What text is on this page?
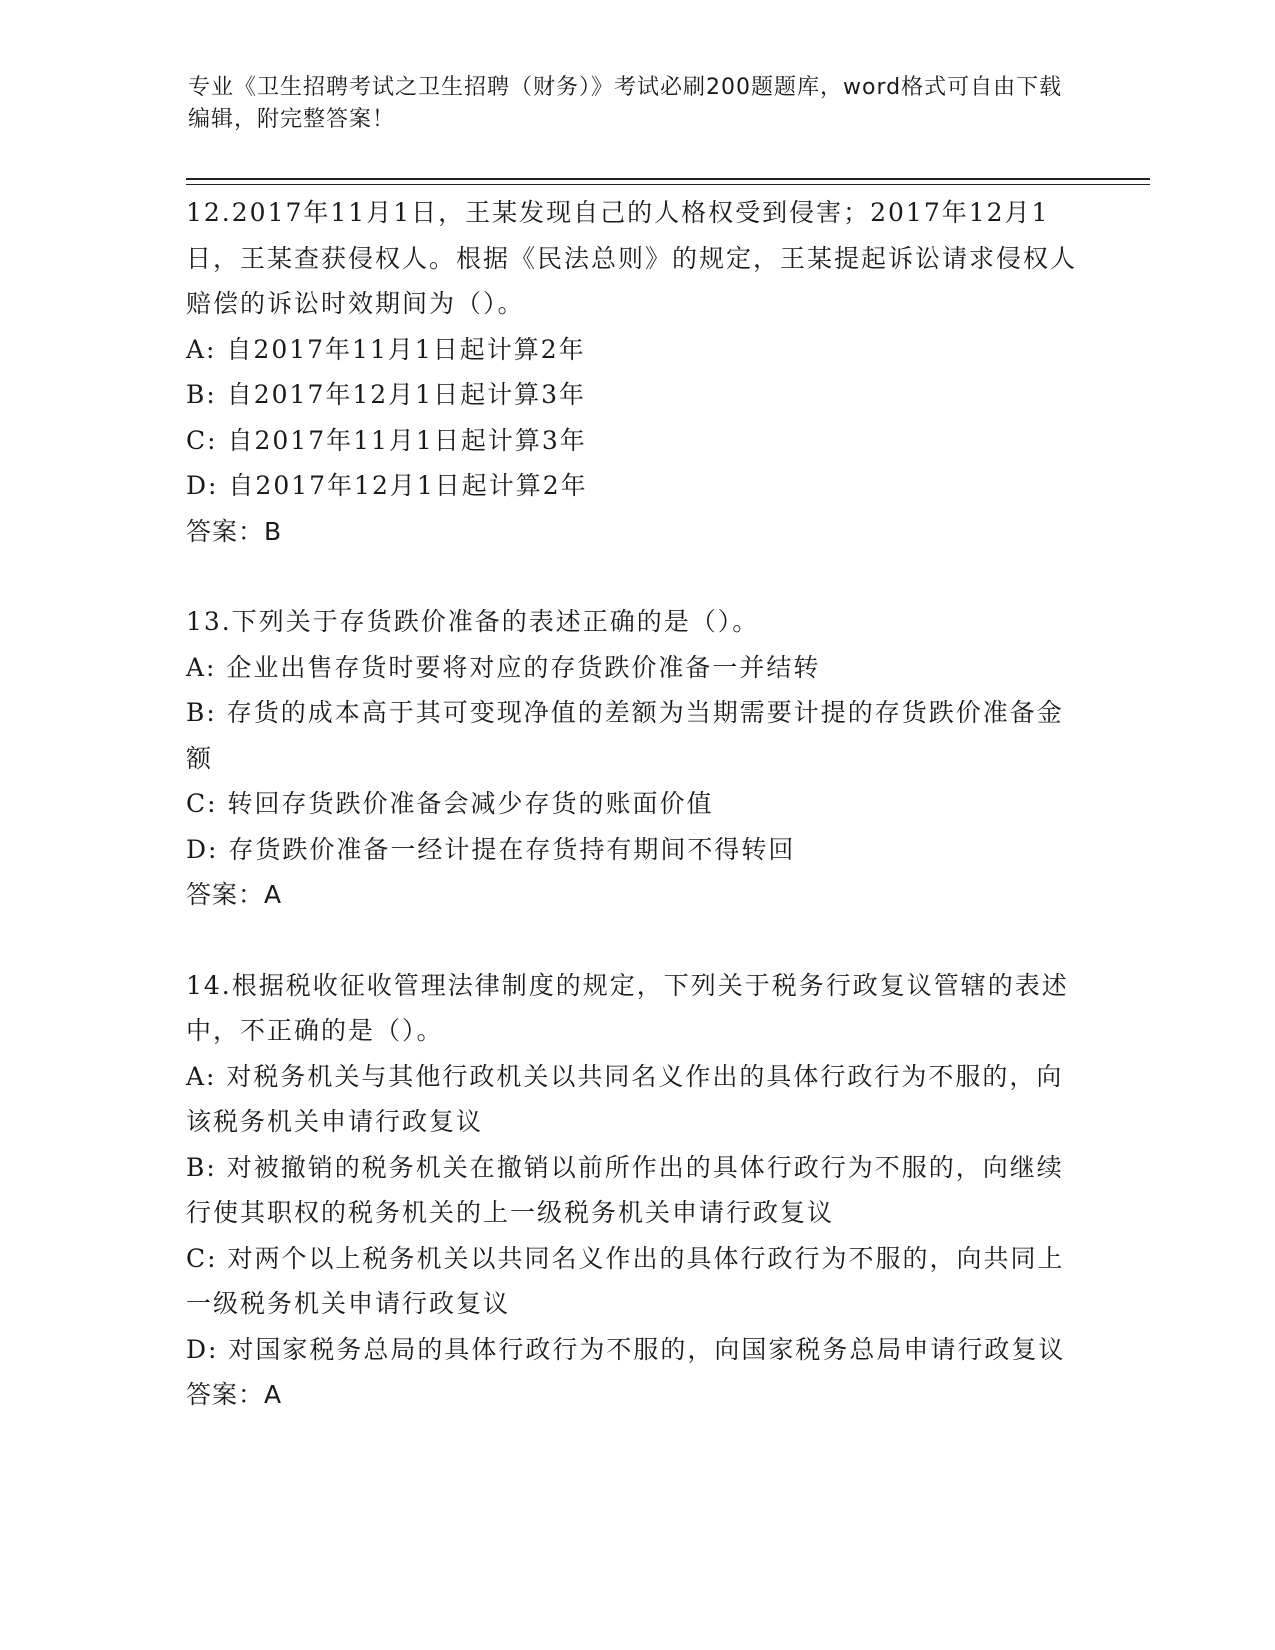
专业《卫生招聘考试之卫生招聘（财务）》考试必刷200题题库，word格式可自由下载编辑，附完整答案！

12.2017年11月1日，王某发现自己的人格权受到侵害；2017年12月1日，王某查获侵权人。根据《民法总则》的规定，王某提起诉讼请求侵权人赔偿的诉讼时效期间为（）。

A: 自2017年11月1日起计算2年

B: 自2017年12月1日起计算3年

C: 自2017年11月1日起计算3年

D: 自2017年12月1日起计算2年

答案：B

13.下列关于存货跌价准备的表述正确的是（）。

A: 企业出售存货时要将对应的存货跌价准备一并结转

B: 存货的成本高于其可变现净值的差额为当期需要计提的存货跌价准备金额

C: 转回存货跌价准备会减少存货的账面价值

D: 存货跌价准备一经计提在存货持有期间不得转回

答案：A

14.根据税收征收管理法律制度的规定，下列关于税务行政复议管辖的表述中，不正确的是（）。

A: 对税务机关与其他行政机关以共同名义作出的具体行政行为不服的，向该税务机关申请行政复议

B: 对被撤销的税务机关在撤销以前所作出的具体行政行为不服的，向继续行使其职权的税务机关的上一级税务机关申请行政复议

C: 对两个以上税务机关以共同名义作出的具体行政行为不服的，向共同上一级税务机关申请行政复议

D: 对国家税务总局的具体行政行为不服的，向国家税务总局申请行政复议

答案：A
